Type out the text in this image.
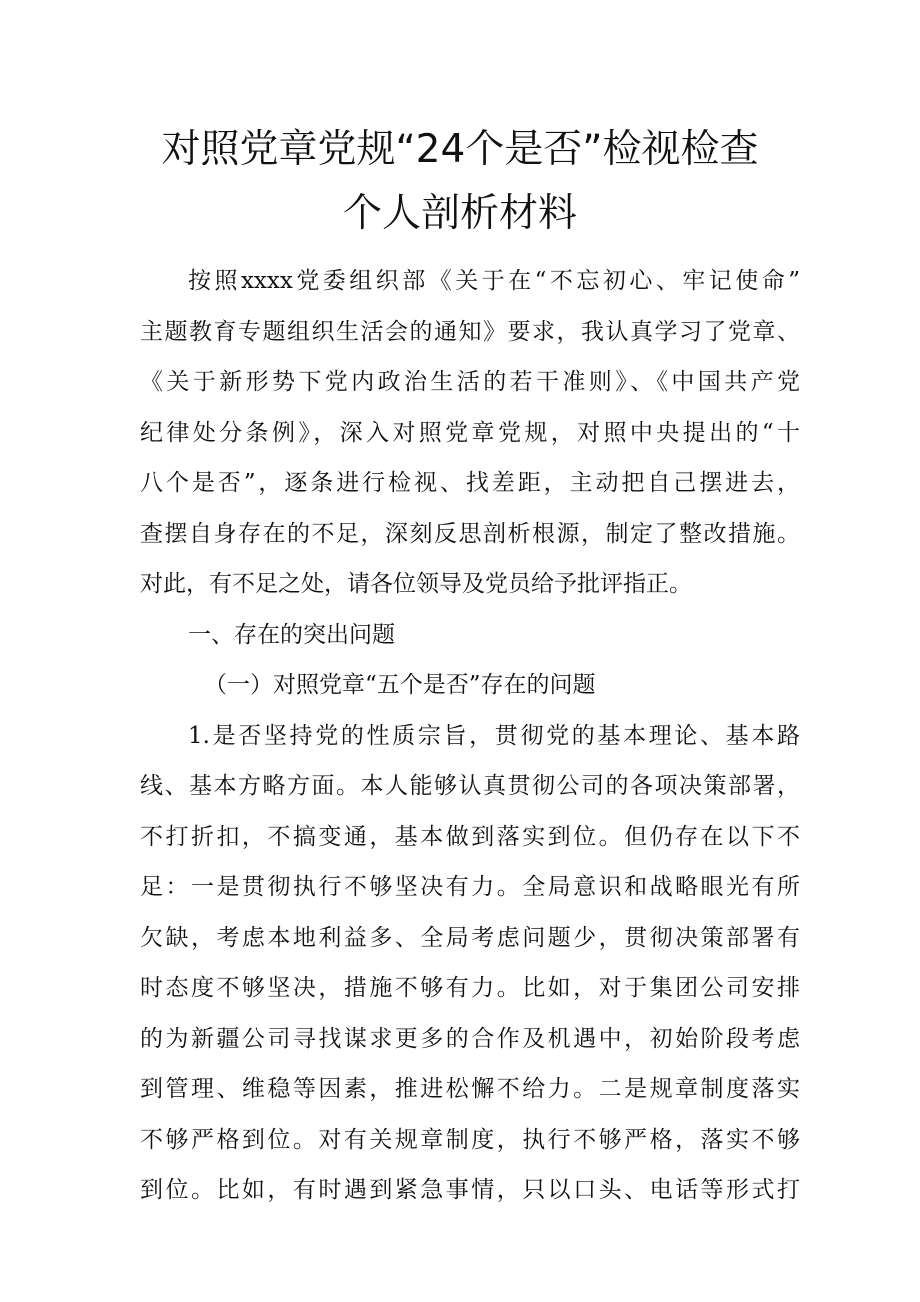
对照党章党规“24个是否”检视检查
个人剖析材料
按照xxxx党委组织部《关于在“不忘初心、牢记使命”
主题教育专题组织生活会的通知》要求，我认真学习了党章、
《关于新形势下党内政治生活的若干准则》、《中国共产党
纪律处分条例》，深入对照党章党规，对照中央提出的“十
八个是否”，逐条进行检视、找差距，主动把自己摆进去，
查摆自身存在的不足，深刻反思剖析根源，制定了整改措施。
对此，有不足之处，请各位领导及党员给予批评指正。
一、存在的突出问题
（一）对照党章“五个是否”存在的问题
1.是否坚持党的性质宗旨，贯彻党的基本理论、基本路
线、基本方略方面。本人能够认真贯彻公司的各项决策部署，
不打折扣，不搞变通，基本做到落实到位。但仍存在以下不
足：一是贯彻执行不够坚决有力。全局意识和战略眼光有所
欠缺，考虑本地利益多、全局考虑问题少，贯彻决策部署有
时态度不够坚决，措施不够有力。比如，对于集团公司安排
的为新疆公司寻找谋求更多的合作及机遇中，初始阶段考虑
到管理、维稳等因素，推进松懈不给力。二是规章制度落实
不够严格到位。对有关规章制度，执行不够严格，落实不够
到位。比如，有时遇到紧急事情，只以口头、电话等形式打
